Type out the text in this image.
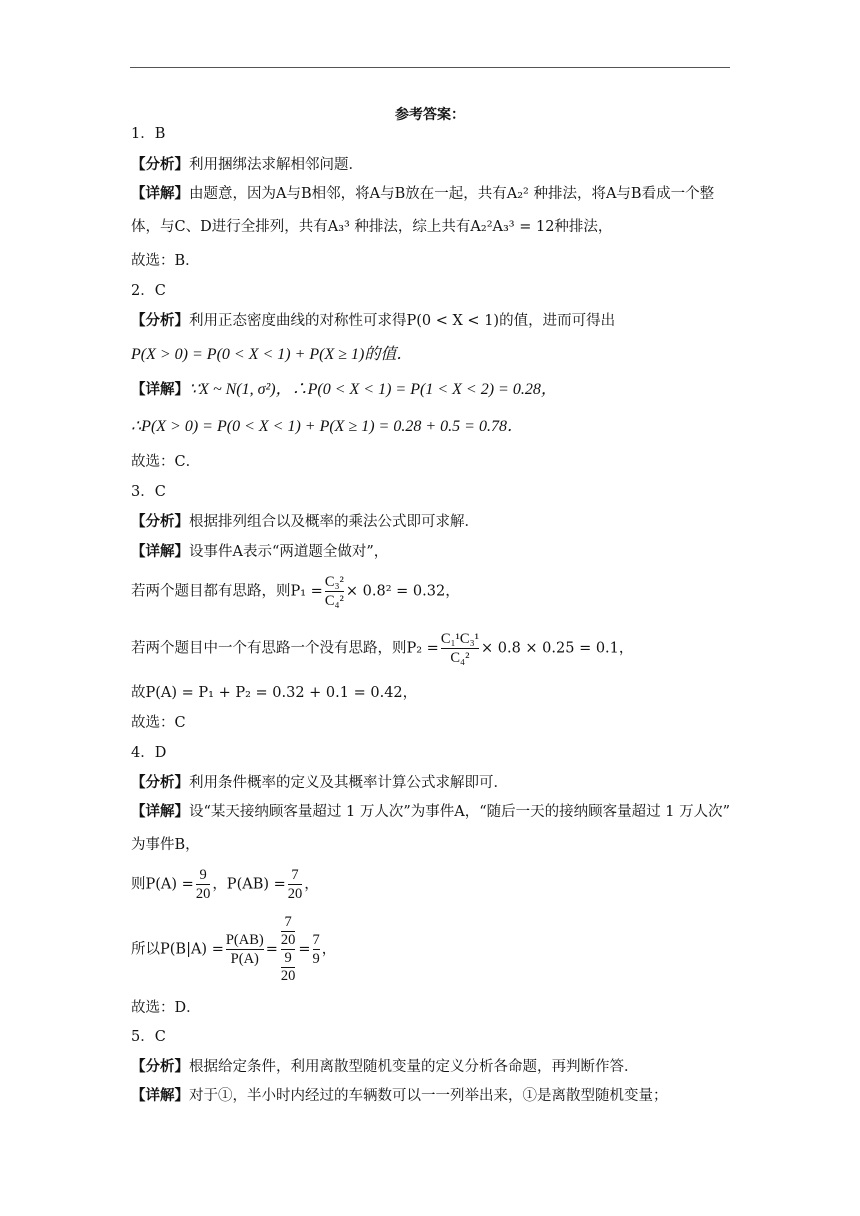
参考答案：
1．B
【分析】利用捆绑法求解相邻问题．
【详解】由题意，因为A与B相邻，将A与B放在一起，共有A₂² 种排法，将A与B看成一个整体，与C、D进行全排列，共有A₃³ 种排法，综上共有A₂²A₃³ = 12种排法，
故选：B．
2．C
【分析】利用正态密度曲线的对称性可求得P(0 < X < 1)的值，进而可得出
P(X > 0) = P(0 < X < 1) + P(X ≥ 1)的值．
【详解】∵X ~ N(1, σ²)，∴P(0 < X < 1) = P(1 < X < 2) = 0.28，
∴P(X > 0) = P(0 < X < 1) + P(X ≥ 1) = 0.28 + 0.5 = 0.78．
故选：C．
3．C
【分析】根据排列组合以及概率的乘法公式即可求解．
【详解】设事件A表示“两道题全做对”，
若两个题目都有思路，则$P_1 = \frac{\text{C₃²}}{\text{C₄²}} \times 0.8^2 = 0.32$，
若两个题目中一个有思路一个没有思路，则$P_2 = \frac{\text{C₁¹C₃¹}}{\text{C₄²}} \times 0.8 \times 0.25 = 0.1$，
故P(A) = P₁ + P₂ = 0.32 + 0.1 = 0.42，
故选：C
4．D
【分析】利用条件概率的定义及其概率计算公式求解即可．
【详解】设“某天接纳顾客量超过 1 万人次”为事件A，“随后一天的接纳顾客量超过 1 万人次” 为事件B，
则$P(A) = \frac{9}{20}$ ，$P(AB) = \frac{7}{20}$ ，
所以$P(B|A) = \frac{P(AB)}{P(A)} = 7$
20
9
$20 = \frac{7}{9}$ ，
故选：D．
5．C
【分析】根据给定条件，利用离散型随机变量的定义分析各命题，再判断作答．
【详解】对于①，半小时内经过的车辆数可以一一列举出来，①是离散型随机变量；
